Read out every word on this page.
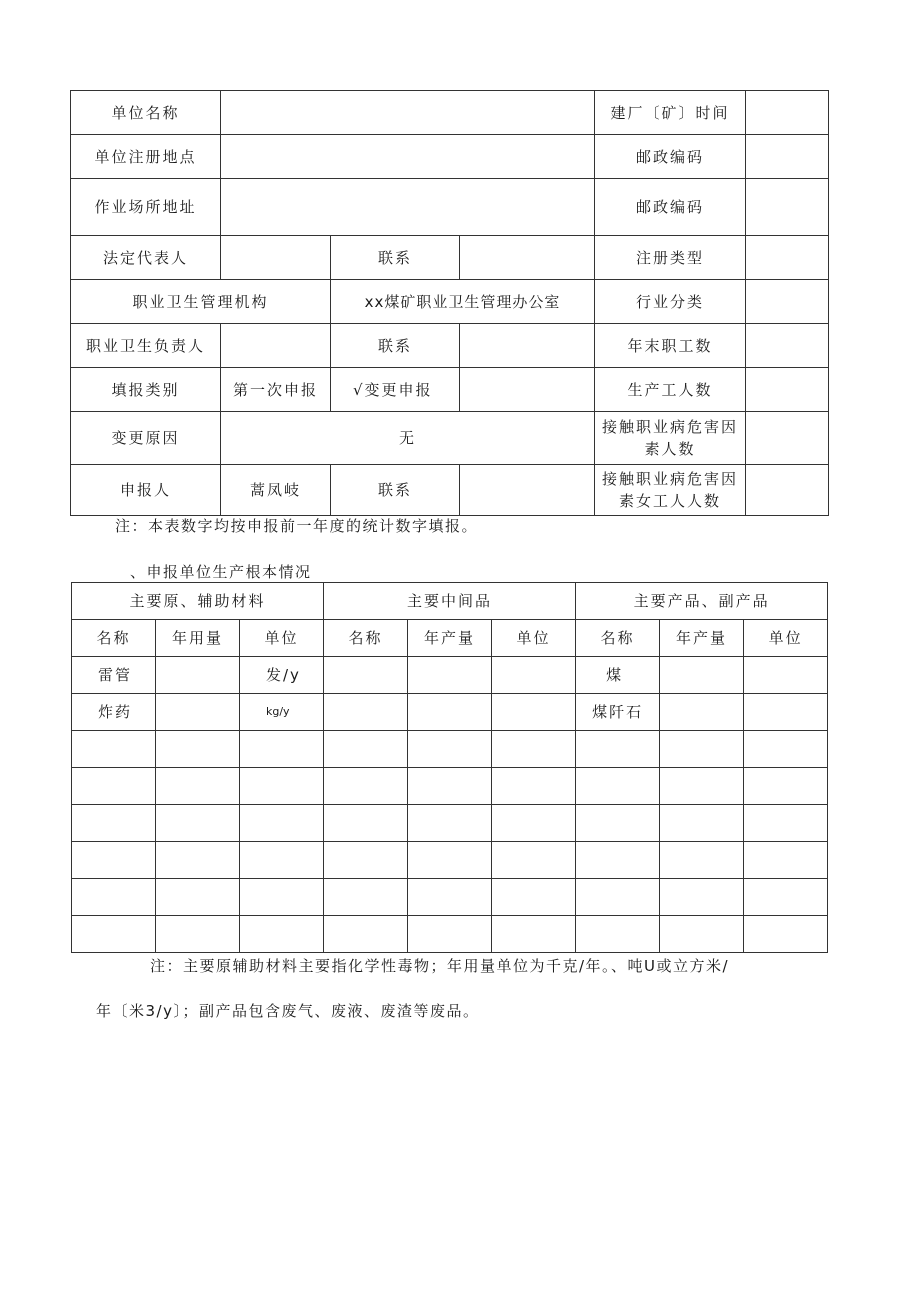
单位名称				建厂〔矿〕时间	
单位注册地点				邮政编码	
作业场所地址				邮政编码	
法定代表人		联系		注册类型	
职业卫生管理机构		xx煤矿职业卫生管理办公室		行业分类	
职业卫生负责人		联系		年末职工数	
填报类别	第一次申报	√变更申报		生产工人数	
变更原因	无			接触职业病危害因素人数	
申报人	蒿凤岐	联系		接触职业病危害因素女工人人数	
注：本表数字均按申报前一年度的统计数字填报。
、申报单位生产根本情况
主要原、辅助材料			主要中间品			主要产品、副产品		
名称	年用量	单位	名称	年产量	单位	名称	年产量	单位
雷管		发/y				煤		
炸药		kg/y				煤阡石		

注：主要原辅助材料主要指化学性毒物；年用量单位为千克/年。、吨U或立方米/
年〔米3/y〕；副产品包含废气、废液、废渣等废品。
